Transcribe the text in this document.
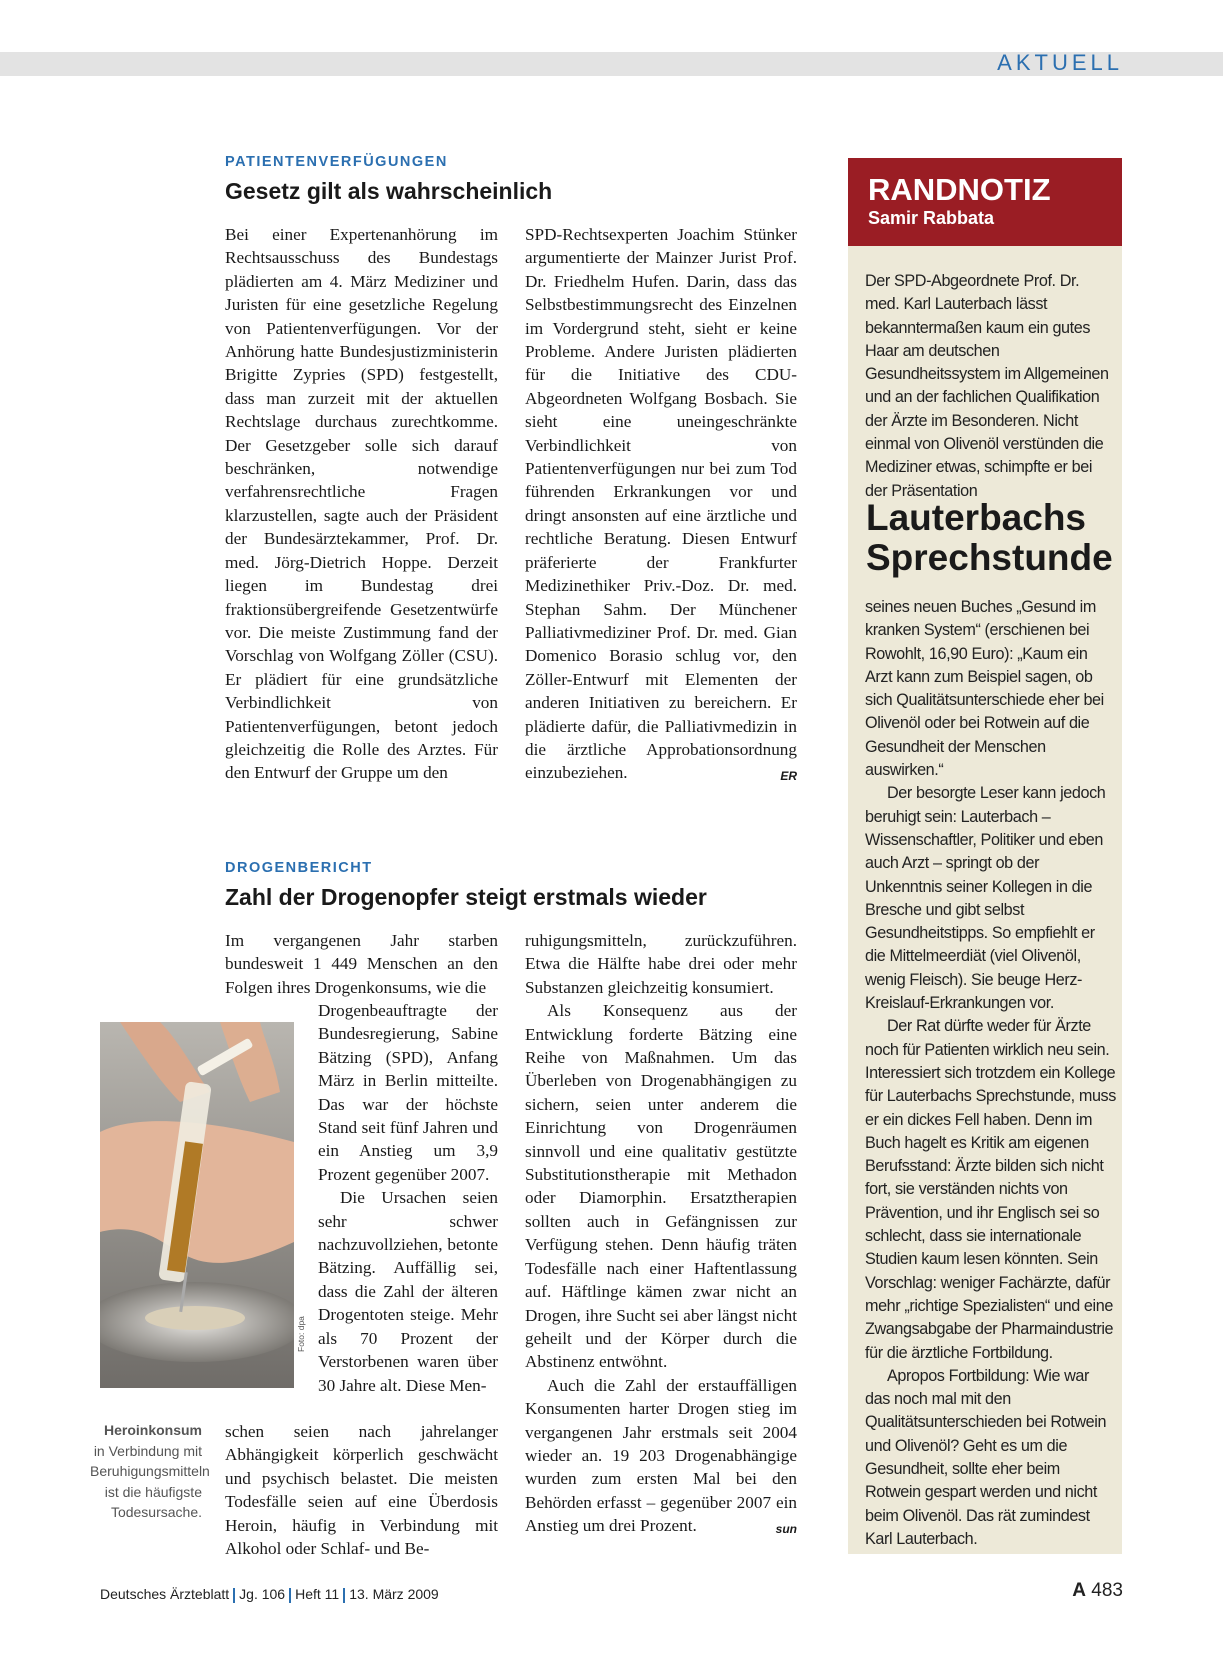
AKTUELL
PATIENTENVERFÜGUNGEN
Gesetz gilt als wahrscheinlich

Bei einer Expertenanhörung im Rechtsausschuss des Bundestags plädierten am 4. März Mediziner und Juristen für eine gesetzliche Regelung von Patientenverfügungen. Vor der Anhörung hatte Bundesjustizministerin Brigitte Zypries (SPD) festgestellt, dass man zurzeit mit der aktuellen Rechtslage durchaus zurechtkomme. Der Gesetzgeber solle sich darauf beschränken, notwendige verfahrensrechtliche Fragen klarzustellen, sagte auch der Präsident der Bundesärztekammer, Prof. Dr. med. Jörg-Dietrich Hoppe. Derzeit liegen im Bundestag drei fraktionsübergreifende Gesetzentwürfe vor. Die meiste Zustimmung fand der Vorschlag von Wolfgang Zöller (CSU). Er plädiert für eine grundsätzliche Verbindlichkeit von Patientenverfügungen, betont jedoch gleichzeitig die Rolle des Arztes. Für den Entwurf der Gruppe um den

SPD-Rechtsexperten Joachim Stünker argumentierte der Mainzer Jurist Prof. Dr. Friedhelm Hufen. Darin, dass das Selbstbestimmungsrecht des Einzelnen im Vordergrund steht, sieht er keine Probleme. Andere Juristen plädierten für die Initiative des CDU-Abgeordneten Wolfgang Bosbach. Sie sieht eine uneingeschränkte Verbindlichkeit von Patientenverfügungen nur bei zum Tod führenden Erkrankungen vor und dringt ansonsten auf eine ärztliche und rechtliche Beratung. Diesen Entwurf präferierte der Frankfurter Medizinethiker Priv.-Doz. Dr. med. Stephan Sahm. Der Münchener Palliativmediziner Prof. Dr. med. Gian Domenico Borasio schlug vor, den Zöller-Entwurf mit Elementen der anderen Initiativen zu bereichern. Er plädierte dafür, die Palliativmedizin in die ärztliche Approbationsordnung einzubeziehen.	ER

DROGENBERICHT
Zahl der Drogenopfer steigt erstmals wieder

Im vergangenen Jahr starben bundesweit 1 449 Menschen an den Folgen ihres Drogenkonsums, wie die

Foto: dpa

Drogenbeauftragte der Bundesregierung, Sabine Bätzing (SPD), Anfang März in Berlin mitteilte. Das war der höchste Stand seit fünf Jahren und ein Anstieg um 3,9 Prozent gegenüber 2007.

Die Ursachen seien sehr schwer nachzuvollziehen, betonte Bätzing. Auffällig sei, dass die Zahl der älteren Drogentoten steige. Mehr als 70 Prozent der Verstorbenen waren über 30 Jahre alt. Diese Men-

schen seien nach jahrelanger Abhängigkeit körperlich geschwächt und psychisch belastet. Die meisten Todesfälle seien auf eine Überdosis Heroin, häufig in Verbindung mit Alkohol oder Schlaf- und Be-

Heroinkonsum in Verbindung mit Beruhigungsmitteln ist die häufigste Todesursache.

ruhigungsmitteln, zurückzuführen. Etwa die Hälfte habe drei oder mehr Substanzen gleichzeitig konsumiert.

Als Konsequenz aus der Entwicklung forderte Bätzing eine Reihe von Maßnahmen. Um das Überleben von Drogenabhängigen zu sichern, seien unter anderem die Einrichtung von Drogenräumen sinnvoll und eine qualitativ gestützte Substitutionstherapie mit Methadon oder Diamorphin. Ersatztherapien sollten auch in Gefängnissen zur Verfügung stehen. Denn häufig träten Todesfälle nach einer Haftentlassung auf. Häftlinge kämen zwar nicht an Drogen, ihre Sucht sei aber längst nicht geheilt und der Körper durch die Abstinenz entwöhnt.

Auch die Zahl der erstauffälligen Konsumenten harter Drogen stieg im vergangenen Jahr erstmals seit 2004 wieder an. 19 203 Drogenabhängige wurden zum ersten Mal bei den Behörden erfasst – gegenüber 2007 ein Anstieg um drei Prozent.	sun

RANDNOTIZ
Samir Rabbata

Der SPD-Abgeordnete Prof. Dr. med. Karl Lauterbach lässt bekanntermaßen kaum ein gutes Haar am deutschen Gesundheitssystem im Allgemeinen und an der fachlichen Qualifikation der Ärzte im Besonderen. Nicht einmal von Olivenöl verstünden die Mediziner etwas, schimpfte er bei der Präsentation

Lauterbachs Sprechstunde

seines neuen Buches „Gesund im kranken System“ (erschienen bei Rowohlt, 16,90 Euro): „Kaum ein Arzt kann zum Beispiel sagen, ob sich Qualitätsunterschiede eher bei Olivenöl oder bei Rotwein auf die Gesundheit der Menschen auswirken.“

Der besorgte Leser kann jedoch beruhigt sein: Lauterbach – Wissenschaftler, Politiker und eben auch Arzt – springt ob der Unkenntnis seiner Kollegen in die Bresche und gibt selbst Gesundheitstipps. So empfiehlt er die Mittelmeerdiät (viel Olivenöl, wenig Fleisch). Sie beuge Herz-Kreislauf-Erkrankungen vor.

Der Rat dürfte weder für Ärzte noch für Patienten wirklich neu sein. Interessiert sich trotzdem ein Kollege für Lauterbachs Sprechstunde, muss er ein dickes Fell haben. Denn im Buch hagelt es Kritik am eigenen Berufsstand: Ärzte bilden sich nicht fort, sie verständen nichts von Prävention, und ihr Englisch sei so schlecht, dass sie internationale Studien kaum lesen könnten. Sein Vorschlag: weniger Fachärzte, dafür mehr „richtige Spezialisten“ und eine Zwangsabgabe der Pharmaindustrie für die ärztliche Fortbildung.

Apropos Fortbildung: Wie war das noch mal mit den Qualitätsunterschieden bei Rotwein und Olivenöl? Geht es um die Gesundheit, sollte eher beim Rotwein gespart werden und nicht beim Olivenöl. Das rät zumindest Karl Lauterbach.

Deutsches Ärzteblatt Jg. 106 Heft 11 13. März 2009	A 483
